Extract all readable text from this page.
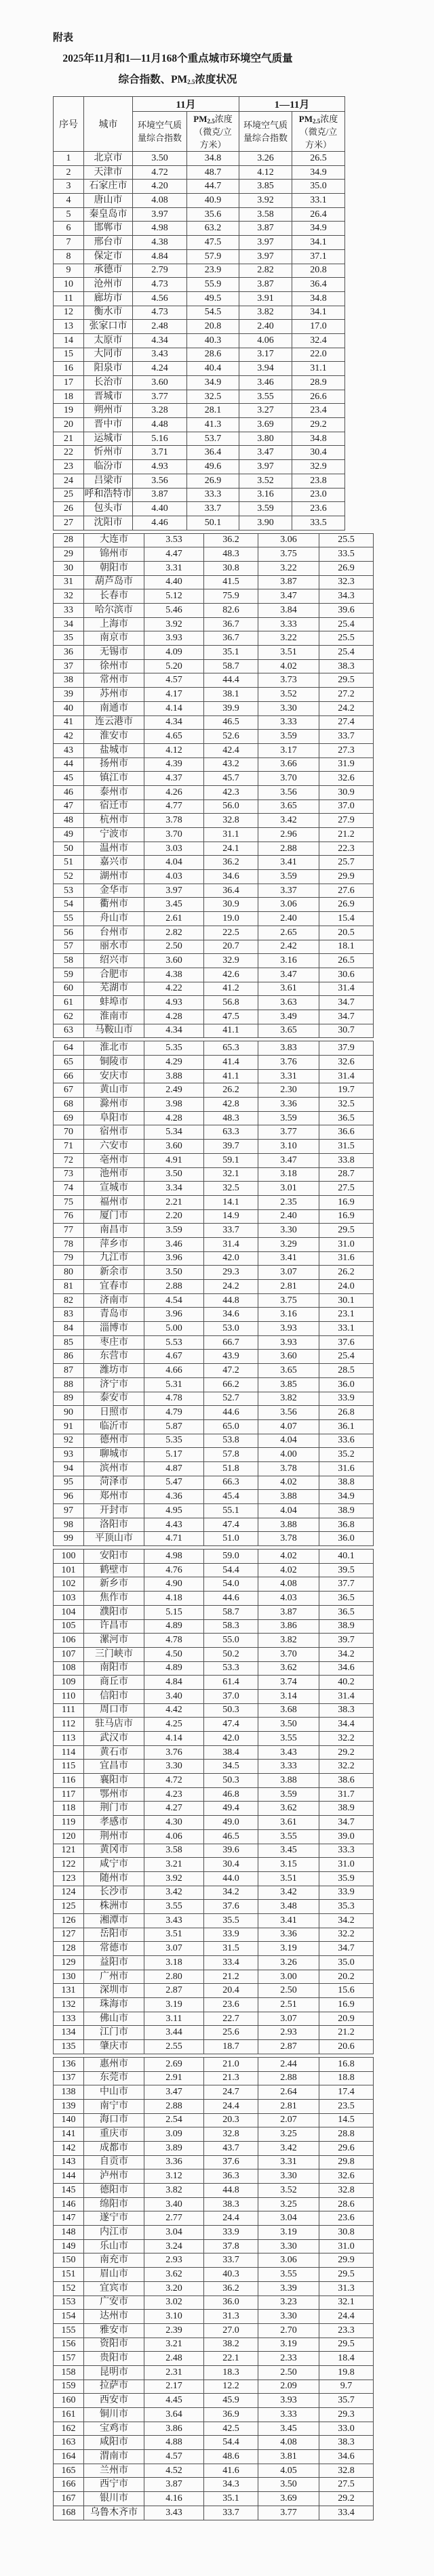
附表
2025年11月和1—11月168个重点城市环境空气质量
综合指数、$PM_{2.5}$浓度状况
序号	城市	11月		1—11月	
		环境空气质量综合指数	$PM_{2.5}$浓度（微克/立方米）	环境空气质量综合指数	$PM_{2.5}$浓度（微克/立方米）
1	北京市	3.50	34.8	3.26	26.5
2	天津市	4.72	48.7	4.12	34.9
3	石家庄市	4.20	44.7	3.85	35.0
4	唐山市	4.08	40.9	3.92	33.1
5	秦皇岛市	3.97	35.6	3.58	26.4
6	邯郸市	4.98	63.2	3.87	34.9
7	邢台市	4.38	47.5	3.97	34.1
8	保定市	4.84	57.9	3.97	37.1
9	承德市	2.79	23.9	2.82	20.8
10	沧州市	4.73	55.9	3.87	36.4
11	廊坊市	4.56	49.5	3.91	34.8
12	衡水市	4.73	54.5	3.82	34.1
13	张家口市	2.48	20.8	2.40	17.0
14	太原市	4.34	40.3	4.06	32.4
15	大同市	3.43	28.6	3.17	22.0
16	阳泉市	4.24	40.4	3.94	31.1
17	长治市	3.60	34.9	3.46	28.9
18	晋城市	3.77	32.5	3.55	26.6
19	朔州市	3.28	28.1	3.27	23.4
20	晋中市	4.48	41.3	3.69	29.2
21	运城市	5.16	53.7	3.80	34.8
22	忻州市	3.71	36.4	3.47	30.4
23	临汾市	4.93	49.6	3.97	32.9
24	吕梁市	3.56	26.9	3.52	23.8
25	呼和浩特市	3.87	33.3	3.16	23.0
26	包头市	4.40	33.7	3.59	23.6
27	沈阳市	4.46	50.1	3.90	33.5
28	大连市	3.53	36.2	3.06	25.5
29	锦州市	4.47	48.3	3.75	33.5
30	朝阳市	3.31	30.8	3.22	26.9
31	葫芦岛市	4.40	41.5	3.87	32.3
32	长春市	5.12	75.9	3.47	34.3
33	哈尔滨市	5.46	82.6	3.84	39.6
34	上海市	3.92	36.7	3.33	25.4
35	南京市	3.93	36.7	3.22	25.5
36	无锡市	4.09	35.1	3.51	25.4
37	徐州市	5.20	58.7	4.02	38.3
38	常州市	4.57	44.4	3.73	29.5
39	苏州市	4.17	38.1	3.52	27.2
40	南通市	4.14	39.9	3.30	24.2
41	连云港市	4.34	46.5	3.33	27.4
42	淮安市	4.65	52.6	3.59	33.7
43	盐城市	4.12	42.4	3.17	27.3
44	扬州市	4.39	43.2	3.66	31.9
45	镇江市	4.37	45.7	3.70	32.6
46	泰州市	4.26	42.3	3.56	30.9
47	宿迁市	4.77	56.0	3.65	37.0
48	杭州市	3.78	32.8	3.42	27.9
49	宁波市	3.70	31.1	2.96	21.2
50	温州市	3.03	24.1	2.88	22.3
51	嘉兴市	4.04	36.2	3.41	25.7
52	湖州市	4.03	34.6	3.59	29.9
53	金华市	3.97	36.4	3.37	27.6
54	衢州市	3.45	30.9	3.06	26.9
55	舟山市	2.61	19.0	2.40	15.4
56	台州市	2.82	22.5	2.65	20.5
57	丽水市	2.50	20.7	2.42	18.1
58	绍兴市	3.60	32.9	3.16	26.5
59	合肥市	4.38	42.6	3.47	30.6
60	芜湖市	4.22	41.2	3.61	31.4
61	蚌埠市	4.93	56.8	3.63	34.7
62	淮南市	4.28	47.5	3.49	34.7
63	马鞍山市	4.34	41.1	3.65	30.7
64	淮北市	5.35	65.3	3.83	37.9
65	铜陵市	4.29	41.4	3.76	32.6
66	安庆市	3.88	41.1	3.31	31.4
67	黄山市	2.49	26.2	2.30	19.7
68	滁州市	3.98	42.8	3.36	32.5
69	阜阳市	4.28	48.3	3.59	36.5
70	宿州市	5.34	63.3	3.77	36.6
71	六安市	3.60	39.7	3.10	31.5
72	亳州市	4.91	59.1	3.47	33.8
73	池州市	3.50	32.1	3.18	28.7
74	宣城市	3.34	32.5	3.01	27.5
75	福州市	2.21	14.1	2.35	16.9
76	厦门市	2.20	14.9	2.40	16.9
77	南昌市	3.59	33.7	3.30	29.5
78	萍乡市	3.46	31.4	3.29	31.0
79	九江市	3.96	42.0	3.41	31.6
80	新余市	3.50	29.3	3.07	26.2
81	宜春市	2.88	24.2	2.81	24.0
82	济南市	4.54	44.8	3.75	30.1
83	青岛市	3.96	34.6	3.16	23.1
84	淄博市	5.00	53.0	3.93	33.1
85	枣庄市	5.53	66.7	3.93	37.6
86	东营市	4.67	43.9	3.60	25.4
87	潍坊市	4.66	47.2	3.65	28.5
88	济宁市	5.31	66.2	3.85	36.0
89	泰安市	4.78	52.7	3.82	33.9
90	日照市	4.79	44.6	3.56	26.8
91	临沂市	5.87	65.0	4.07	36.1
92	德州市	5.35	53.8	4.04	33.6
93	聊城市	5.17	57.8	4.00	35.2
94	滨州市	4.87	51.8	3.78	31.6
95	菏泽市	5.47	66.3	4.02	38.8
96	郑州市	4.36	45.4	3.88	34.9
97	开封市	4.95	55.1	4.04	38.9
98	洛阳市	4.43	47.4	3.88	36.8
99	平顶山市	4.71	51.0	3.78	36.0
100	安阳市	4.98	59.0	4.02	40.1
101	鹤壁市	4.76	54.4	4.02	39.5
102	新乡市	4.90	54.0	4.08	37.7
103	焦作市	4.18	44.6	4.03	36.5
104	濮阳市	5.15	58.7	3.87	36.5
105	许昌市	4.89	58.3	3.86	38.9
106	漯河市	4.78	55.0	3.82	39.7
107	三门峡市	4.50	50.2	3.70	34.2
108	南阳市	4.89	53.3	3.62	34.6
109	商丘市	4.84	61.4	3.74	40.2
110	信阳市	3.40	37.0	3.14	31.4
111	周口市	4.42	50.3	3.68	38.3
112	驻马店市	4.25	47.4	3.50	34.4
113	武汉市	4.14	42.0	3.55	32.2
114	黄石市	3.76	38.4	3.43	29.2
115	宜昌市	3.30	34.5	3.33	32.2
116	襄阳市	4.72	50.3	3.88	38.6
117	鄂州市	4.23	46.8	3.59	31.7
118	荆门市	4.27	49.4	3.62	38.9
119	孝感市	4.30	49.0	3.61	34.7
120	荆州市	4.06	46.5	3.55	39.0
121	黄冈市	3.58	39.6	3.45	33.3
122	咸宁市	3.21	30.4	3.15	31.0
123	随州市	3.92	44.0	3.51	35.9
124	长沙市	3.42	34.2	3.42	33.9
125	株洲市	3.55	37.6	3.48	35.3
126	湘潭市	3.43	35.5	3.41	34.2
127	岳阳市	3.51	33.9	3.36	32.2
128	常德市	3.07	31.5	3.19	34.7
129	益阳市	3.18	33.4	3.26	35.0
130	广州市	2.80	21.2	3.00	20.2
131	深圳市	2.87	20.4	2.50	15.6
132	珠海市	3.19	23.6	2.51	16.9
133	佛山市	3.11	22.7	3.07	20.9
134	江门市	3.44	25.6	2.93	21.2
135	肇庆市	2.55	18.7	2.87	20.6
136	惠州市	2.69	21.0	2.44	16.8
137	东莞市	2.91	21.3	2.88	18.8
138	中山市	3.47	24.7	2.64	17.4
139	南宁市	2.88	24.4	2.81	23.5
140	海口市	2.54	20.3	2.07	14.5
141	重庆市	3.09	32.8	3.25	28.8
142	成都市	3.89	43.7	3.42	29.6
143	自贡市	3.36	37.6	3.31	29.8
144	泸州市	3.12	36.3	3.30	32.6
145	德阳市	3.82	44.8	3.52	32.8
146	绵阳市	3.40	38.3	3.25	28.6
147	遂宁市	2.77	24.4	3.04	23.6
148	内江市	3.04	33.9	3.19	30.8
149	乐山市	3.24	37.8	3.30	31.0
150	南充市	2.93	33.7	3.06	29.9
151	眉山市	3.62	40.3	3.55	29.5
152	宜宾市	3.20	36.2	3.39	31.3
153	广安市	3.02	36.0	3.23	32.1
154	达州市	3.10	31.3	3.30	24.4
155	雅安市	2.39	27.0	2.70	23.3
156	资阳市	3.21	38.2	3.19	29.5
157	贵阳市	2.48	22.1	2.33	18.4
158	昆明市	2.31	18.3	2.50	19.8
159	拉萨市	2.17	12.2	2.09	9.7
160	西安市	4.45	45.9	3.93	35.7
161	铜川市	3.64	36.9	3.33	29.3
162	宝鸡市	3.86	42.5	3.45	33.0
163	咸阳市	4.88	54.4	4.08	38.3
164	渭南市	4.57	48.6	3.81	34.6
165	兰州市	4.52	41.6	4.05	32.8
166	西宁市	3.87	34.3	3.50	27.5
167	银川市	4.16	35.1	3.69	29.2
168	乌鲁木齐市	3.43	33.7	3.77	33.4
